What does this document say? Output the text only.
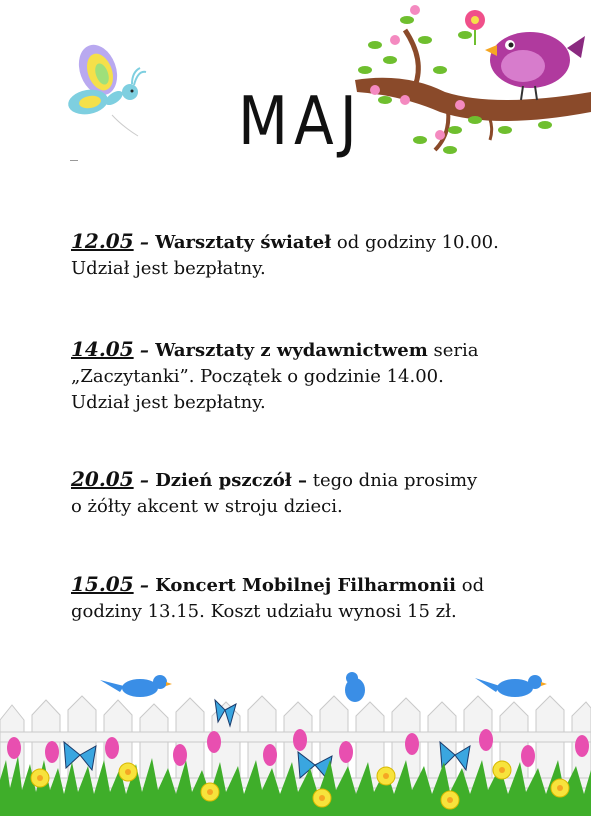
MAJ
12.05 – Warsztaty świateł od godziny 10.00.
Udział jest bezpłatny.
14.05 – Warsztaty z wydawnictwem seria
„Zaczytanki”. Początek o godzinie 14.00.
Udział jest bezpłatny.
20.05 – Dzień pszczół – tego dnia prosimy
o żółty akcent w stroju dzieci.
15.05 – Koncert Mobilnej Filharmonii od
godziny 13.15. Koszt udziału wynosi 15 zł.
